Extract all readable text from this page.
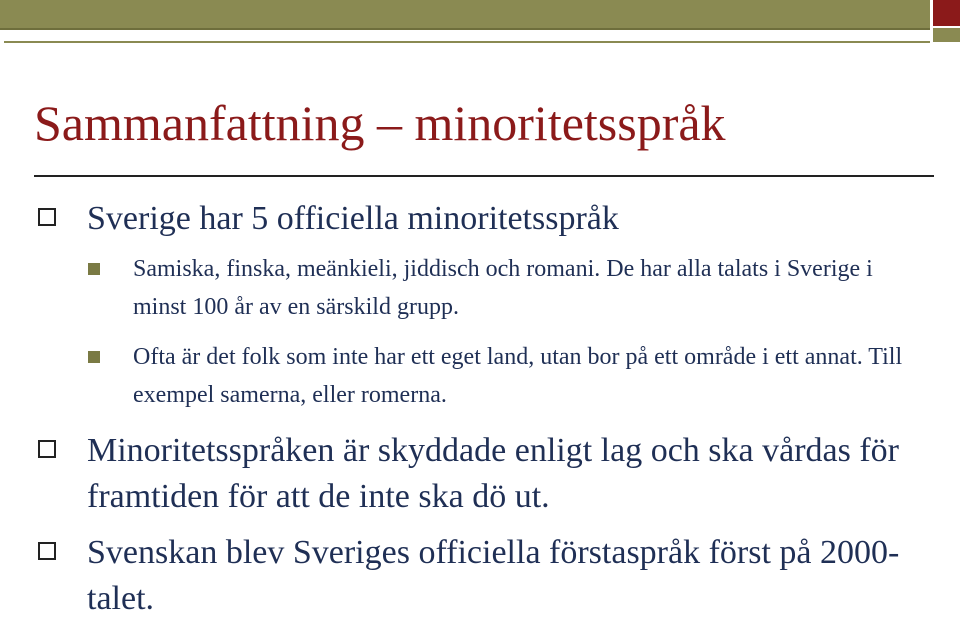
Sammanfattning – minoritetsspråk
Sverige har 5 officiella minoritetsspråk
Samiska, finska, meänkieli, jiddisch och romani. De har alla talats i Sverige i minst 100 år av en särskild grupp.
Ofta är det folk som inte har ett eget land, utan bor på ett område i ett annat. Till exempel samerna, eller romerna.
Minoritetsspråken är skyddade enligt lag och ska vårdas för framtiden för att de inte ska dö ut.
Svenskan blev Sveriges officiella förstaspråk först på 2000-talet.
